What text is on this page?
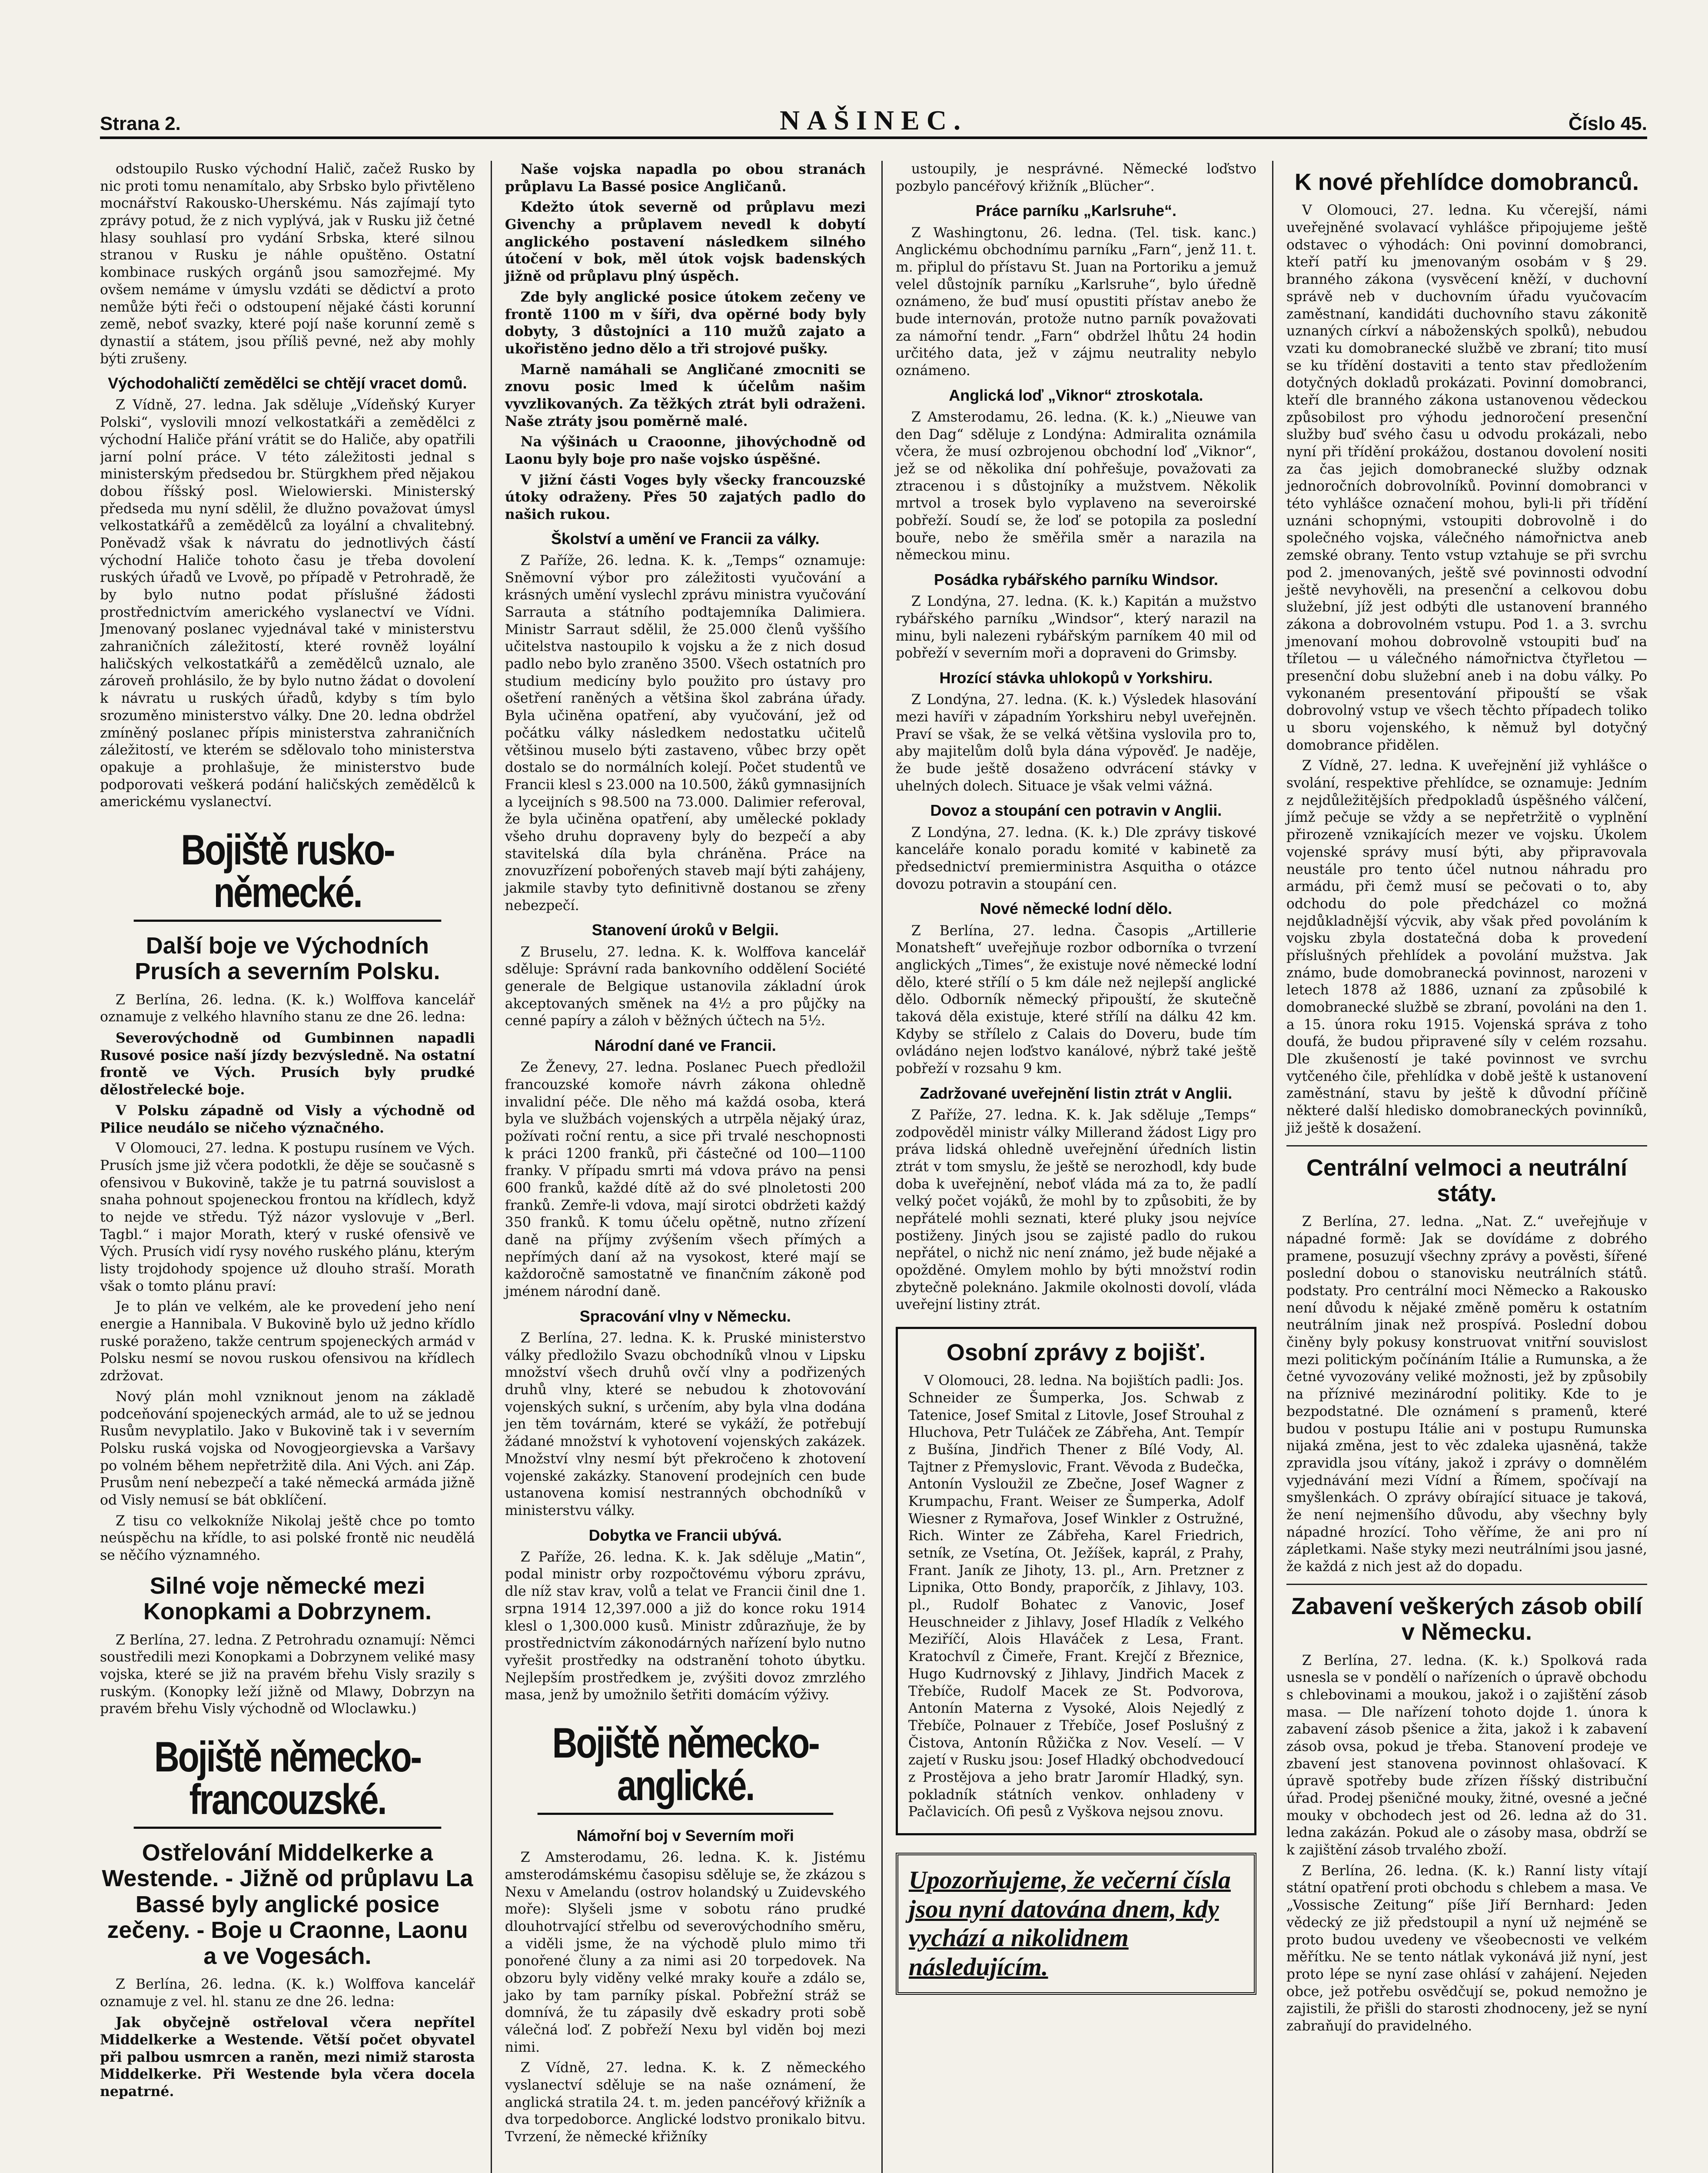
Strana 2.	NAŠINEC.	Číslo 45.

odstoupilo Rusko východní Halič, začež Rusko by nic proti tomu nenamítalo, aby Srbsko bylo přivtěleno mocnářství Rakousko-Uherskému. Nás zajímají tyto zprávy potud, že z nich vyplývá, jak v Rusku již četné hlasy souhlasí pro vydání Srbska, které silnou stranou v Rusku je náhle opuštěno. Ostatní kombinace ruských orgánů jsou samozřejmé. My ovšem nemáme v úmyslu vzdáti se dědictví a proto nemůže býti řeči o odstoupení nějaké části korunní země, neboť svazky, které pojí naše korunní země s dynastií a státem, jsou příliš pevné, než aby mohly býti zrušeny.

Východohaličtí zemědělci se chtějí vracet domů.

Z Vídně, 27. ledna. Jak sděluje „Vídeňský Kuryer Polski“, vyslovili mnozí velkostatkáři a zemědělci z východní Haliče přání vrátit se do Haliče, aby opatřili jarní polní práce. V této záležitosti jednal s ministerským předsedou br. Stürgkhem před nějakou dobou říšský posl. Wielowierski. Ministerský předseda mu nyní sdělil, že dlužno považovat úmysl velkostatkářů a zemědělců za loyální a chvalitebný. Poněvadž však k návratu do jednotlivých částí východní Haliče tohoto času je třeba dovolení ruských úřadů ve Lvově, po případě v Petrohradě, že by bylo nutno podat příslušné žádosti prostřednictvím amerického vyslanectví ve Vídni. Jmenovaný poslanec vyjednával také v ministerstvu zahraničních záležitostí, které rovněž loyální haličských velkostatkářů a zemědělců uznalo, ale zároveň prohlásilo, že by bylo nutno žádat o dovolení k návratu u ruských úřadů, kdyby s tím bylo srozuměno ministerstvo války. Dne 20. ledna obdržel zmíněný poslanec přípis ministerstva zahraničních záležitostí, ve kterém se sdělovalo toho ministerstva opakuje a prohlašuje, že ministerstvo bude podporovati veškerá podání haličských zemědělců k americkému vyslanectví.

Bojiště rusko-německé.
Další boje ve Východních Prusích a severním Polsku.

Z Berlína, 26. ledna. (K. k.) Wolffova kancelář oznamuje z velkého hlavního stanu ze dne 26. ledna:

Severovýchodně od Gumbinnen napadli Rusové posice naší jízdy bezvýsledně. Na ostatní frontě ve Vých. Prusích byly prudké dělostřelecké boje.

V Polsku západně od Visly a východně od Pilice neudálo se ničeho význačného.

V Olomouci, 27. ledna. K postupu rusínem ve Vých. Prusích jsme již včera podotkli, že děje se současně s ofensivou v Bukovině, takže je tu patrná souvislost a snaha pohnout spojeneckou frontou na křídlech, když to nejde ve středu. Týž názor vyslovuje v „Berl. Tagbl.“ i major Morath, který v ruské ofensivě ve Vých. Prusích vidí rysy nového ruského plánu, kterým listy trojdohody spojence už dlouho straší. Morath však o tomto plánu praví:

Je to plán ve velkém, ale ke provedení jeho není energie a Hannibala. V Bukovině bylo už jedno křídlo ruské poraženo, takže centrum spojeneckých armád v Polsku nesmí se novou ruskou ofensivou na křídlech zdržovat.

Nový plán mohl vzniknout jenom na základě podceňování spojeneckých armád, ale to už se jednou Rusům nevyplatilo. Jako v Bukovině tak i v severním Polsku ruská vojska od Novogjeorgievska a Varšavy po volném během nepřetržitě dila. Ani Vých. ani Záp. Prusům není nebezpečí a také německá armáda jižně od Visly nemusí se bát obklíčení.

Z tisu co velkokníže Nikolaj ještě chce po tomto neúspěchu na křídle, to asi polské frontě nic neudělá se něčího významného.

Silné voje německé mezi Konopkami a Dobrzynem.

Z Berlína, 27. ledna. Z Petrohradu oznamují: Němci soustředili mezi Konopkami a Dobrzynem veliké masy vojska, které se již na pravém břehu Visly srazily s ruským. (Konopky leží jižně od Mlawy, Dobrzyn na pravém břehu Visly východně od Wloclawku.)

Bojiště německo-francouzské.
Ostřelování Middelkerke a Westende. - Jižně od průplavu La Bassé byly anglické posice zečeny. - Boje u Craonne, Laonu a ve Vogesách.

Z Berlína, 26. ledna. (K. k.) Wolffova kancelář oznamuje z vel. hl. stanu ze dne 26. ledna:

Jak obyčejně ostřeloval včera nepřítel Middelkerke a Westende. Větší počet obyvatel při palbou usmrcen a raněn, mezi nimiž starosta Middelkerke. Při Westende byla včera docela nepatrné.

Naše vojska napadla po obou stranách průplavu La Bassé posice Angličanů.

Kdežto útok severně od průplavu mezi Givenchy a průplavem nevedl k dobytí anglického postavení následkem silného útočení v bok, měl útok vojsk badenských jižně od průplavu plný úspěch.

Zde byly anglické posice útokem zečeny ve frontě 1100 m v šíři, dva opěrné body byly dobyty, 3 důstojníci a 110 mužů zajato a ukořistěno jedno dělo a tři strojové pušky.

Marně namáhali se Angličané zmocniti se znovu posic lmed k účelům našim vyvzlikovaných. Za těžkých ztrát byli odraženi. Naše ztráty jsou poměrně malé.

Na výšinách u Craoonne, jihovýchodně od Laonu byly boje pro naše vojsko úspěšné.

V jižní části Voges byly všecky francouzské útoky odraženy. Přes 50 zajatých padlo do našich rukou.

Školství a umění ve Francii za války.

Z Paříže, 26. ledna. K. k. „Temps“ oznamuje: Sněmovní výbor pro záležitosti vyučování a krásných umění vyslechl zprávu ministra vyučování Sarrauta a státního podtajemníka Dalimiera. Ministr Sarraut sdělil, že 25.000 členů vyššího učitelstva nastoupilo k vojsku a že z nich dosud padlo nebo bylo zraněno 3500. Všech ostatních pro studium medicíny bylo použito pro ústavy pro ošetření raněných a většina škol zabrána úřady. Byla učiněna opatření, aby vyučování, jež od počátku války následkem nedostatku učitelů většinou muselo býti zastaveno, vůbec brzy opět dostalo se do normálních kolejí. Počet studentů ve Francii klesl s 23.000 na 10.500, žáků gymnasijních a lyceijních s 98.500 na 73.000. Dalimier referoval, že byla učiněna opatření, aby umělecké poklady všeho druhu dopraveny byly do bezpečí a aby stavitelská díla byla chráněna. Práce na znovuzřízení pobořených staveb mají býti zahájeny, jakmile stavby tyto definitivně dostanou se zřeny nebezpečí.

Stanovení úroků v Belgii.

Z Bruselu, 27. ledna. K. k. Wolffova kancelář sděluje: Správní rada bankovního oddělení Société generale de Belgique ustanovila základní úrok akceptovaných směnek na 4½ a pro půjčky na cenné papíry a záloh v běžných účtech na 5½.

Národní dané ve Francii.

Ze Ženevy, 27. ledna. Poslanec Puech předložil francouzské komoře návrh zákona ohledně invalidní péče. Dle něho má každá osoba, která byla ve službách vojenských a utrpěla nějaký úraz, požívati roční rentu, a sice při trvalé neschopnosti k práci 1200 franků, při částečné od 100—1100 franky. V případu smrti má vdova právo na pensi 600 franků, každé dítě až do své plnoletosti 200 franků. Zemře-li vdova, mají sirotci obdržeti každý 350 franků. K tomu účelu opětně, nutno zřízení daně na příjmy zvýšením všech přímých a nepřímých daní až na vysokost, které mají se každoročně samostatně ve finančním zákoně pod jménem národní daně.

Spracování vlny v Německu.

Z Berlína, 27. ledna. K. k. Pruské ministerstvo války předložilo Svazu obchodníků vlnou v Lipsku množství všech druhů ovčí vlny a podřizených druhů vlny, které se nebudou k zhotovování vojenských sukní, s určením, aby byla vlna dodána jen těm továrnám, které se vykáží, že potřebují žádané množství k vyhotovení vojenských zakázek. Množství vlny nesmí být překročeno k zhotovení vojenské zakázky. Stanovení prodejních cen bude ustanovena komisí nestranných obchodníků v ministerstvu války.

Dobytka ve Francii ubývá.

Z Paříže, 26. ledna. K. k. Jak sděluje „Matin“, podal ministr orby rozpočtovému výboru zprávu, dle níž stav krav, volů a telat ve Francii činil dne 1. srpna 1914 12,397.000 a již do konce roku 1914 klesl o 1,300.000 kusů. Ministr zdůrazňuje, že by prostřednictvím zákonodárných nařízení bylo nutno vyřešit prostředky na odstranění tohoto úbytku. Nejlepším prostředkem je, zvýšiti dovoz zmrzlého masa, jenž by umožnilo šetřiti domácím výživy.

Bojiště německo-anglické.
Námořní boj v Severním moři

Z Amsterodamu, 26. ledna. K. k. Jistému amsterodámskému časopisu sděluje se, že zkázou s Nexu v Amelandu (ostrov holandský u Zuidevského moře): Slyšeli jsme v sobotu ráno prudké dlouhotrvající střelbu od severovýchodního směru, a viděli jsme, že na východě plulo mimo tři ponořené čluny a za nimi asi 20 torpedovek. Na obzoru byly viděny velké mraky kouře a zdálo se, jako by tam parníky pískal. Pobřežní stráž se domnívá, že tu zápasily dvě eskadry proti sobě válečná loď. Z pobřeží Nexu byl viděn boj mezi nimi.

Z Vídně, 27. ledna. K. k. Z německého vyslanectví sděluje se na naše oznámení, že anglická stratila 24. t. m. jeden pancéřový křižník a dva torpedoborce. Anglické lodstvo pronikalo bitvu. Tvrzení, že německé křižníky

ustoupily, je nesprávné. Německé loďstvo pozbylo pancéřový křižník „Blücher“.

Práce parníku „Karlsruhe“.

Z Washingtonu, 26. ledna. (Tel. tisk. kanc.) Anglickému obchodnímu parníku „Farn“, jenž 11. t. m. připlul do přístavu St. Juan na Portoriku a jemuž velel důstojník parníku „Karlsruhe“, bylo úředně oznámeno, že buď musí opustiti přístav anebo že bude internován, protože nutno parník považovati za námořní tendr. „Farn“ obdržel lhůtu 24 hodin určitého data, jež v zájmu neutrality nebylo oznámeno.

Anglická loď „Viknor“ ztroskotala.

Z Amsterodamu, 26. ledna. (K. k.) „Nieuwe van den Dag“ sděluje z Londýna: Admiralita oznámila včera, že musí ozbrojenou obchodní loď „Viknor“, jež se od několika dní pohřešuje, považovati za ztracenou i s důstojníky a mužstvem. Několik mrtvol a trosek bylo vyplaveno na severoirské pobřeží. Soudí se, že loď se potopila za poslední bouře, nebo že směřila směr a narazila na německou minu.

Posádka rybářského parníku Windsor.

Z Londýna, 27. ledna. (K. k.) Kapitán a mužstvo rybářského parníku „Windsor“, který narazil na minu, byli nalezeni rybářským parníkem 40 mil od pobřeží v severním moři a dopraveni do Grimsby.

Hrozící stávka uhlokopů v Yorkshiru.

Z Londýna, 27. ledna. (K. k.) Výsledek hlasování mezi havíři v západním Yorkshiru nebyl uveřejněn. Praví se však, že se velká většina vyslovila pro to, aby majitelům dolů byla dána výpověď. Je naděje, že bude ještě dosaženo odvrácení stávky v uhelných dolech. Situace je však velmi vážná.

Dovoz a stoupání cen potravin v Anglii.

Z Londýna, 27. ledna. (K. k.) Dle zprávy tiskové kanceláře konalo poradu komité v kabinetě za předsednictví premierministra Asquitha o otázce dovozu potravin a stoupání cen.

Nové německé lodní dělo.

Z Berlína, 27. ledna. Časopis „Artillerie Monatsheft“ uveřejňuje rozbor odborníka o tvrzení anglických „Times“, že existuje nové německé lodní dělo, které střílí o 5 km dále než nejlepší anglické dělo. Odborník německý připouští, že skutečně taková děla existuje, které střílí na dálku 42 km. Kdyby se střílelo z Calais do Doveru, bude tím ovládáno nejen loďstvo kanálové, nýbrž také ještě pobřeží v rozsahu 9 km.

Zadržované uveřejnění listin ztrát v Anglii.

Z Paříže, 27. ledna. K. k. Jak sděluje „Temps“ zodpověděl ministr války Millerand žádost Ligy pro práva lidská ohledně uveřejnění úředních listin ztrát v tom smyslu, že ještě se nerozhodl, kdy bude doba k uveřejnění, neboť vláda má za to, že padlí velký počet vojáků, že mohl by to způsobiti, že by nepřátelé mohli seznati, které pluky jsou nejvíce postiženy. Jiných jsou se zajisté padlo do rukou nepřátel, o nichž nic není známo, jež bude nějaké a opožděné. Omylem mohlo by býti množství rodin zbytečně poleknáno. Jakmile okolnosti dovolí, vláda uveřejní listiny ztrát.

Osobní zprávy z bojišť.

V Olomouci, 28. ledna. Na bojištích padli: Jos. Schneider ze Šumperka, Jos. Schwab z Tatenice, Josef Smital z Litovle, Josef Strouhal z Hluchova, Petr Tuláček ze Zábřeha, Ant. Tempír z Bušína, Jindřich Thener z Bílé Vody, Al. Tajtner z Přemyslovic, Frant. Věvoda z Budečka, Antonín Vysloužil ze Zbečne, Josef Wagner z Krumpachu, Frant. Weiser ze Šumperka, Adolf Wiesner z Rymařova, Josef Winkler z Ostružné, Rich. Winter ze Zábřeha, Karel Friedrich, setník, ze Vsetína, Ot. Ježíšek, kaprál, z Prahy, Frant. Janík ze Jihoty, 13. pl., Arn. Pretzner z Lipnika, Otto Bondy, praporčík, z Jihlavy, 103. pl., Rudolf Bohatec z Vanovic, Josef Heuschneider z Jihlavy, Josef Hladík z Velkého Meziříčí, Alois Hlaváček z Lesa, Frant. Kratochvíl z Čimeře, Frant. Krejčí z Březnice, Hugo Kudrnovský z Jihlavy, Jindřich Macek z Třebíče, Rudolf Macek ze St. Podvorova, Antonín Materna z Vysoké, Alois Nejedlý z Třebíče, Polnauer z Třebíče, Josef Poslušný z Čistova, Antonín Růžička z Nov. Veselí. — V zajetí v Rusku jsou: Josef Hladký obchodvedoucí z Prostějova a jeho bratr Jaromír Hladký, syn. pokladník státních venkov. onhladeny v Pačlavicích. Ofi pesů z Vyškova nejsou znovu.

Upozorňujeme, že večerní čísla jsou nyní datována dnem, kdy vychází a nikolidnem následujícím.
K nové přehlídce domobranců.

V Olomouci, 27. ledna. Ku včerejší, námi uveřejněné svolavací vyhlášce připojujeme ještě odstavec o výhodách: Oni povinní domobranci, kteří patří ku jmenovaným osobám v § 29. branného zákona (vysvěcení kněží, v duchovní správě neb v duchovním úřadu vyučovacím zaměstnaní, kandidáti duchovního stavu zákonitě uznaných církví a náboženských spolků), nebudou vzati ku domobranecké službě ve zbraní; tito musí se ku třídění dostaviti a tento stav předložením dotyčných dokladů prokázati. Povinní domobranci, kteří dle branného zákona ustanovenou vědeckou způsobilost pro výhodu jednoročení presenční služby buď svého času u odvodu prokázali, nebo nyní při třídění prokážou, dostanou dovolení nositi za čas jejich domobranecké služby odznak jednoročních dobrovolníků. Povinní domobranci v této vyhlášce označení mohou, byli-li při třídění uznáni schopnými, vstoupiti dobrovolně i do společného vojska, válečného námořnictva aneb zemské obrany. Tento vstup vztahuje se při svrchu pod 2. jmenovaných, ještě své povinnosti odvodní ještě nevyhověli, na presenční a celkovou dobu služební, jíž jest odbýti dle ustanovení branného zákona a dobrovolném vstupu. Pod 1. a 3. svrchu jmenovaní mohou dobrovolně vstoupiti buď na tříletou — u válečného námořnictva čtyřletou — presenční dobu služební aneb i na dobu války. Po vykonaném presentování připouští se však dobrovolný vstup ve všech těchto případech toliko u sboru vojenského, k němuž byl dotyčný domobrance přidělen.

Z Vídně, 27. ledna. K uveřejnění již vyhlášce o svolání, respektive přehlídce, se oznamuje: Jedním z nejdůležitějších předpokladů úspěšného válčení, jímž pečuje se vždy a se nepřetržitě o vyplnění přirozeně vznikajících mezer ve vojsku. Úkolem vojenské správy musí býti, aby připravovala neustále pro tento účel nutnou náhradu pro armádu, při čemž musí se pečovati o to, aby odchodu do pole předcházel co možná nejdůkladnější výcvik, aby však před povoláním k vojsku zbyla dostatečná doba k provedení příslušných přehlídek a povolání mužstva. Jak známo, bude domobranecká povinnost, narozeni v letech 1878 až 1886, uznaní za způsobilé k domobranecké službě se zbraní, povoláni na den 1. a 15. února roku 1915. Vojenská správa z toho doufá, že budou připravené síly v celém rozsahu. Dle zkušeností je také povinnost ve svrchu vytčeného čile, přehlídka v době ještě k ustanovení zaměstnání, stavu by ještě k důvodní příčině některé další hledisko domobraneckých povinníků, již ještě k dosažení.

Centrální velmoci a neutrální státy.

Z Berlína, 27. ledna. „Nat. Z.“ uveřejňuje v nápadné formě: Jak se dovídáme z dobrého pramene, posuzují všechny zprávy a pověsti, šířené poslední dobou o stanovisku neutrálních států. podstaty. Pro centrální moci Německo a Rakousko není důvodu k nějaké změně poměru k ostatním neutrálním jinak než prospívá. Poslední dobou činěny byly pokusy konstruovat vnitřní souvislost mezi politickým počínáním Itálie a Rumunska, a že četné vyvozovány veliké možnosti, jež by způsobily na příznivé mezinárodní politiky. Kde to je bezpodstatné. Dle oznámení s pramenů, které budou v postupu Itálie ani v postupu Rumunska nijaká změna, jest to věc zdaleka ujasněná, takže zpravidla jsou vítány, jakož i zprávy o domnělém vyjednávání mezi Vídní a Římem, spočívají na smyšlenkách. O zprávy obírající situace je taková, že není nejmenšího důvodu, aby všechny byly nápadné hrozící. Toho věříme, že ani pro ní zápletkami. Naše styky mezi neutrálními jsou jasné, že každá z nich jest až do dopadu.

Zabavení veškerých zásob obilí v Německu.

Z Berlína, 27. ledna. (K. k.) Spolková rada usnesla se v pondělí o nařízeních o úpravě obchodu s chlebovinami a moukou, jakož i o zajištění zásob masa. — Dle nařízení tohoto dojde 1. února k zabavení zásob pšenice a žita, jakož i k zabavení zásob ovsa, pokud je třeba. Stanovení prodeje ve zbavení jest stanovena povinnost ohlašovací. K úpravě spotřeby bude zřízen říšský distribuční úřad. Prodej pšeničné mouky, žitné, ovesné a ječné mouky v obchodech jest od 26. ledna až do 31. ledna zakázán. Pokud ale o zásoby masa, obdrží se k zajištění zásob trvalého zboží.

Z Berlína, 26. ledna. (K. k.) Ranní listy vítají státní opatření proti obchodu s chlebem a masa. Ve „Vossische Zeitung“ píše Jiří Bernhard: Jeden vědecký ze již předstoupil a nyní už nejméně se proto budou uvedeny ve všeobecnosti ve velkém měřítku. Ne se tento nátlak vykonává již nyní, jest proto lépe se nyní zase ohlásí v zahájení. Nejeden obce, jež potřebu osvědčují se, pokud nemožno je zajistili, že přišli do starosti zhodnoceny, jež se nyní zabraňují do pravidelného.
